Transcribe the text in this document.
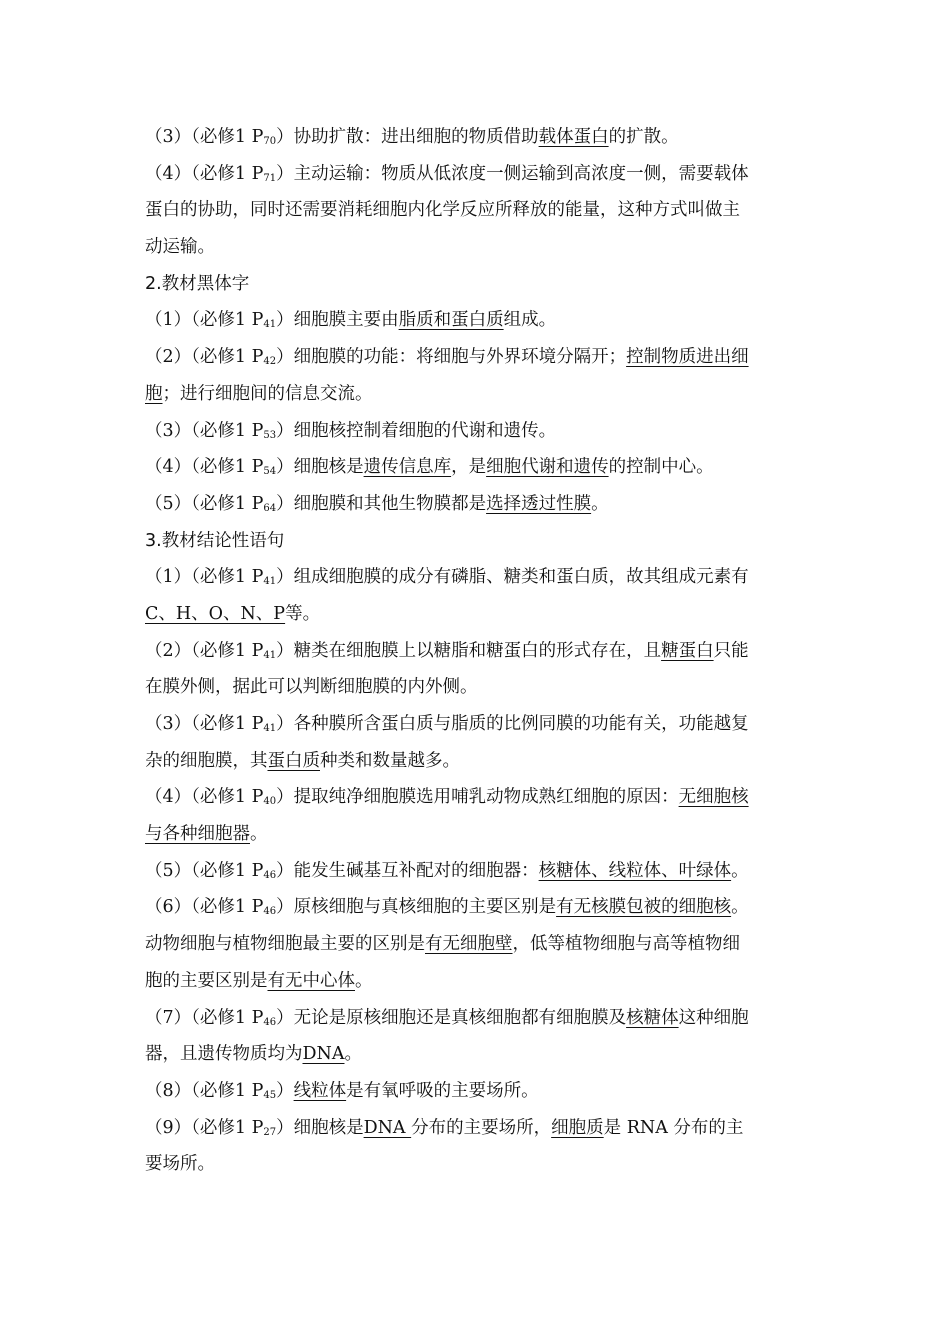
（3）（必修1 $P_{70}$）协助扩散：进出细胞的物质借助载体蛋白的扩散。
（4）（必修1 $P_{71}$）主动运输：物质从低浓度一侧运输到高浓度一侧，需要载体
蛋白的协助，同时还需要消耗细胞内化学反应所释放的能量，这种方式叫做主
动运输。
2.教材黑体字
（1）（必修1 $P_{41}$）细胞膜主要由脂质和蛋白质组成。
（2）（必修1 $P_{42}$）细胞膜的功能：将细胞与外界环境分隔开；控制物质进出细
胞；进行细胞间的信息交流。
（3）（必修1 $P_{53}$）细胞核控制着细胞的代谢和遗传。
（4）（必修1 $P_{54}$）细胞核是遗传信息库，是细胞代谢和遗传的控制中心。
（5）（必修1 $P_{64}$）细胞膜和其他生物膜都是选择透过性膜。
3.教材结论性语句
（1）（必修1 $P_{41}$）组成细胞膜的成分有磷脂、糖类和蛋白质，故其组成元素有
C、H、O、N、P等。
（2）（必修1 $P_{41}$）糖类在细胞膜上以糖脂和糖蛋白的形式存在，且糖蛋白只能
在膜外侧，据此可以判断细胞膜的内外侧。
（3）（必修1 $P_{41}$）各种膜所含蛋白质与脂质的比例同膜的功能有关，功能越复
杂的细胞膜，其蛋白质种类和数量越多。
（4）（必修1 $P_{40}$）提取纯净细胞膜选用哺乳动物成熟红细胞的原因：无细胞核
与各种细胞器。
（5）（必修1 $P_{46}$）能发生碱基互补配对的细胞器：核糖体、线粒体、叶绿体。
（6）（必修1 $P_{46}$）原核细胞与真核细胞的主要区别是有无核膜包被的细胞核。
动物细胞与植物细胞最主要的区别是有无细胞壁，低等植物细胞与高等植物细
胞的主要区别是有无中心体。
（7）（必修1 $P_{46}$）无论是原核细胞还是真核细胞都有细胞膜及核糖体这种细胞
器，且遗传物质均为DNA。
（8）（必修1 $P_{45}$）线粒体是有氧呼吸的主要场所。
（9）（必修1 $P_{27}$）细胞核是DNA 分布的主要场所，细胞质是 RNA 分布的主
要场所。
